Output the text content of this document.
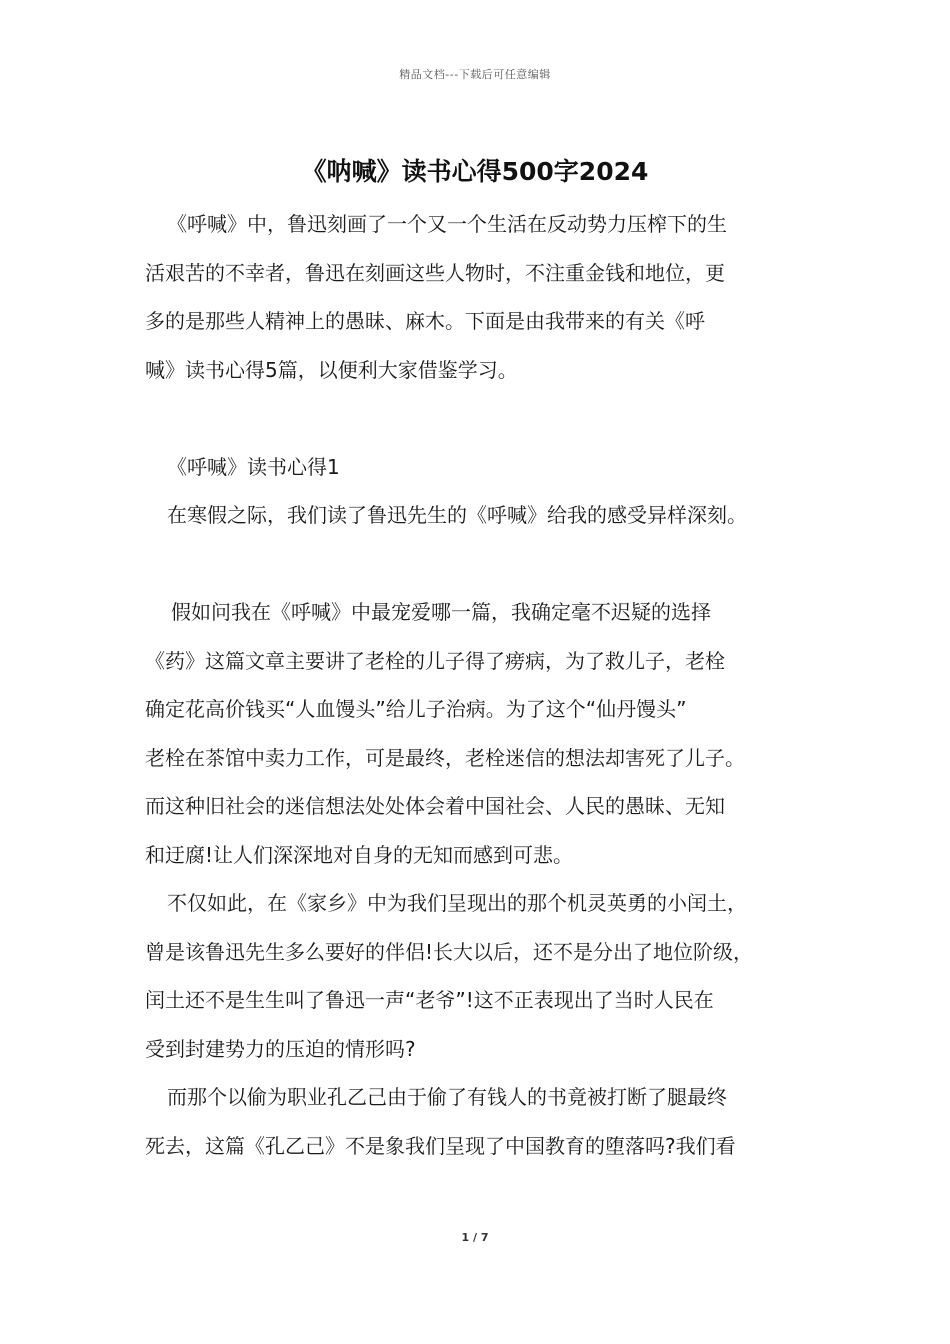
精品文档---下载后可任意编辑
《呐喊》读书心得500字2024
《呼喊》中，鲁迅刻画了一个又一个生活在反动势力压榨下的生
活艰苦的不幸者，鲁迅在刻画这些人物时，不注重金钱和地位，更
多的是那些人精神上的愚昧、麻木。下面是由我带来的有关《呼
喊》读书心得5篇，以便利大家借鉴学习。
《呼喊》读书心得1
在寒假之际，我们读了鲁迅先生的《呼喊》给我的感受异样深刻。
假如问我在《呼喊》中最宠爱哪一篇，我确定毫不迟疑的选择
《药》这篇文章主要讲了老栓的儿子得了痨病，为了救儿子，老栓
确定花高价钱买“人血馒头”给儿子治病。为了这个“仙丹馒头”
老栓在茶馆中卖力工作，可是最终，老栓迷信的想法却害死了儿子。
而这种旧社会的迷信想法处处体会着中国社会、人民的愚昧、无知
和迂腐!让人们深深地对自身的无知而感到可悲。
不仅如此，在《家乡》中为我们呈现出的那个机灵英勇的小闰土，
曾是该鲁迅先生多么要好的伴侣!长大以后，还不是分出了地位阶级，
闰土还不是生生叫了鲁迅一声“老爷”!这不正表现出了当时人民在
受到封建势力的压迫的情形吗?
而那个以偷为职业孔乙己由于偷了有钱人的书竟被打断了腿最终
死去，这篇《孔乙己》不是象我们呈现了中国教育的堕落吗?我们看
1 / 7
